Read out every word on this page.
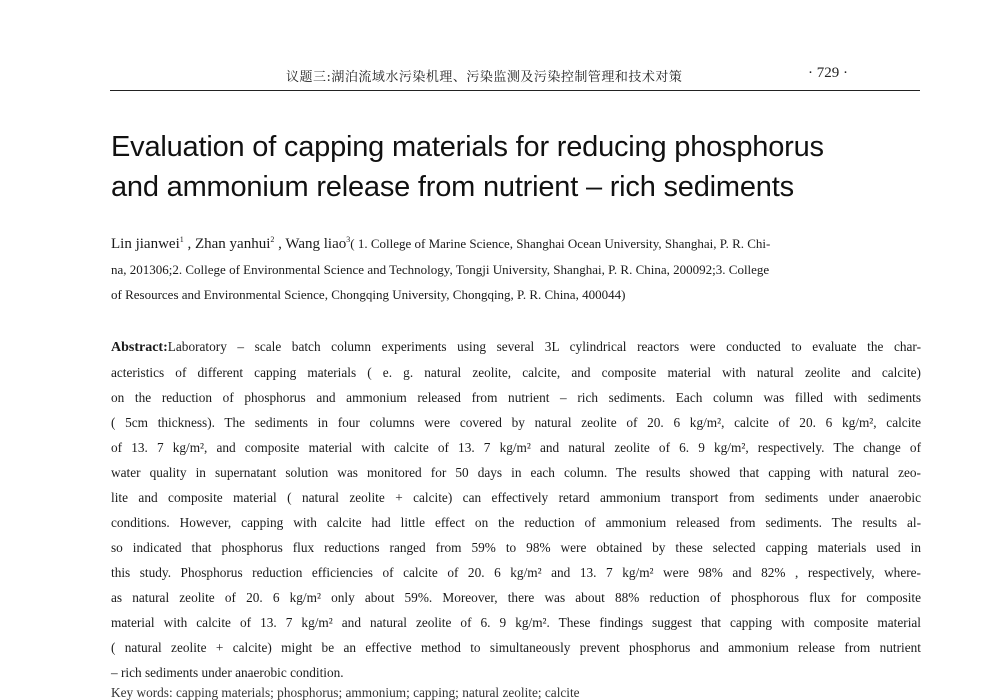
议题三:湖泊流域水污染机理、污染监测及污染控制管理和技术对策	· 729 ·
Evaluation of capping materials for reducing phosphorus
and ammonium release from nutrient – rich sediments
Lin jianwei$^1$ , Zhan yanhui$^2$ , Wang liao$^3$( 1. College of Marine Science, Shanghai Ocean University, Shanghai, P. R. Chi-
na, 201306;2. College of Environmental Science and Technology, Tongji University, Shanghai, P. R. China, 200092;3. College
of Resources and Environmental Science, Chongqing University, Chongqing, P. R. China, 400044)
Abstract:Laboratory – scale batch column experiments using several 3L cylindrical reactors were conducted to evaluate the char-
acteristics of different capping materials ( e. g. natural zeolite, calcite, and composite material with natural zeolite and calcite)
on the reduction of phosphorus and ammonium released from nutrient – rich sediments. Each column was filled with sediments
( 5cm thickness). The sediments in four columns were covered by natural zeolite of 20. 6 kg/m², calcite of 20. 6 kg/m², calcite
of 13. 7 kg/m², and composite material with calcite of 13. 7 kg/m² and natural zeolite of 6. 9 kg/m², respectively. The change of
water quality in supernatant solution was monitored for 50 days in each column. The results showed that capping with natural zeo-
lite and composite material ( natural zeolite + calcite) can effectively retard ammonium transport from sediments under anaerobic
conditions. However, capping with calcite had little effect on the reduction of ammonium released from sediments. The results al-
so indicated that phosphorus flux reductions ranged from 59% to 98% were obtained by these selected capping materials used in
this study. Phosphorus reduction efficiencies of calcite of 20. 6 kg/m² and 13. 7 kg/m² were 98% and 82% , respectively, where-
as natural zeolite of 20. 6 kg/m² only about 59%. Moreover, there was about 88% reduction of phosphorous flux for composite
material with calcite of 13. 7 kg/m² and natural zeolite of 6. 9 kg/m². These findings suggest that capping with composite material
( natural zeolite + calcite) might be an effective method to simultaneously prevent phosphorus and ammonium release from nutrient
– rich sediments under anaerobic condition.
Key words: capping materials; phosphorus; ammonium; capping; natural zeolite; calcite
